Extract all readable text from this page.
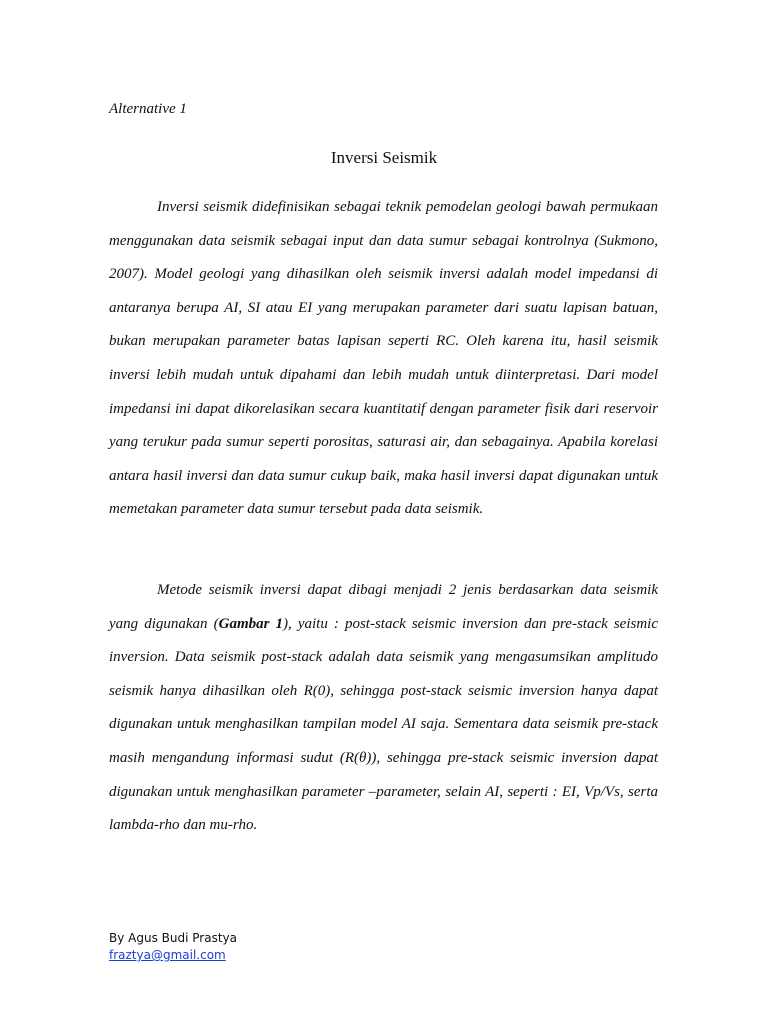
Alternative 1

Inversi Seismik

Inversi seismik didefinisikan sebagai teknik pemodelan geologi bawah permukaan menggunakan data seismik sebagai input dan data sumur sebagai kontrolnya (Sukmono, 2007). Model geologi yang dihasilkan oleh seismik inversi adalah model impedansi di antaranya berupa AI, SI atau EI yang merupakan parameter dari suatu lapisan batuan, bukan merupakan parameter batas lapisan seperti RC. Oleh karena itu, hasil seismik inversi lebih mudah untuk dipahami dan lebih mudah untuk diinterpretasi. Dari model impedansi ini dapat dikorelasikan secara kuantitatif dengan parameter fisik dari reservoir yang terukur pada sumur seperti porositas, saturasi air, dan sebagainya. Apabila korelasi antara hasil inversi dan data sumur cukup baik, maka hasil inversi dapat digunakan untuk memetakan parameter data sumur tersebut pada data seismik.

Metode seismik inversi dapat dibagi menjadi 2 jenis berdasarkan data seismik yang digunakan (Gambar 1), yaitu : post-stack seismic inversion dan pre-stack seismic inversion. Data seismik post-stack adalah data seismik yang mengasumsikan amplitudo seismik hanya dihasilkan oleh R(0), sehingga post-stack seismic inversion hanya dapat digunakan untuk menghasilkan tampilan model AI saja. Sementara data seismik pre-stack masih mengandung informasi sudut (R(θ)), sehingga pre-stack seismic inversion dapat digunakan untuk menghasilkan parameter –parameter, selain AI, seperti : EI, Vp/Vs, serta lambda-rho dan mu-rho.

By Agus Budi Prastya
fraztya@gmail.com
